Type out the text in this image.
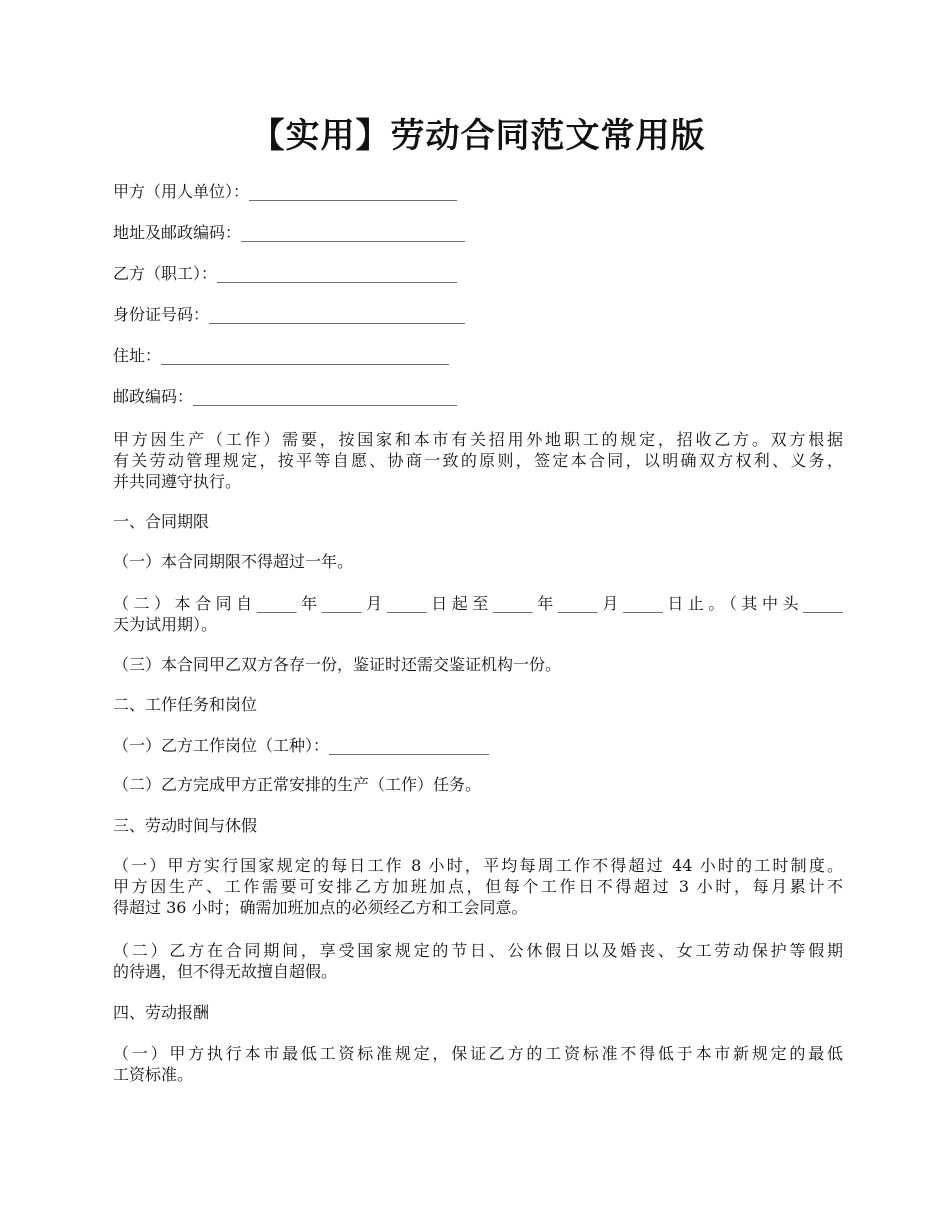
【实用】劳动合同范文常用版
甲方（用人单位）：__________________________
地址及邮政编码：____________________________
乙方（职工）：______________________________
身份证号码：________________________________
住址：____________________________________
邮政编码：_________________________________
甲方因生产（工作）需要，按国家和本市有关招用外地职工的规定，招收乙方。双方根据
有关劳动管理规定，按平等自愿、协商一致的原则，签定本合同，以明确双方权利、义务，
并共同遵守执行。
一、合同期限
（一）本合同期限不得超过一年。
（二）本合同自_____年_____月_____日起至_____年_____月_____日止。（其中头_____
天为试用期）。
（三）本合同甲乙双方各存一份，鉴证时还需交鉴证机构一份。
二、工作任务和岗位
（一）乙方工作岗位（工种）：____________________
（二）乙方完成甲方正常安排的生产（工作）任务。
三、劳动时间与休假
（一）甲方实行国家规定的每日工作 8 小时，平均每周工作不得超过 44 小时的工时制度。
甲方因生产、工作需要可安排乙方加班加点，但每个工作日不得超过 3 小时，每月累计不
得超过 36 小时；确需加班加点的必须经乙方和工会同意。
（二）乙方在合同期间，享受国家规定的节日、公休假日以及婚丧、女工劳动保护等假期
的待遇，但不得无故擅自超假。
四、劳动报酬
（一）甲方执行本市最低工资标准规定，保证乙方的工资标准不得低于本市新规定的最低
工资标准。
